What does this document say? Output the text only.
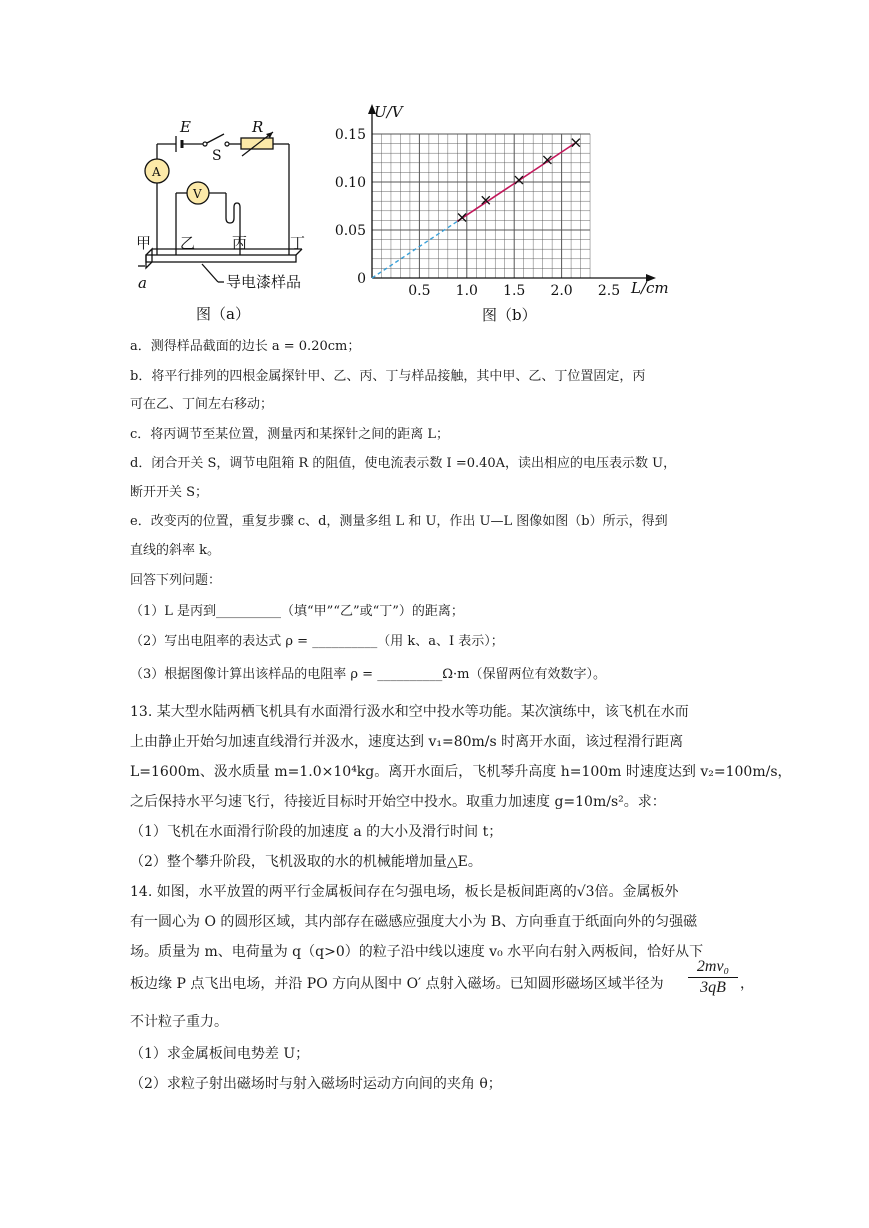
E
S
R
A
V
甲 乙 丙	丁
导电漆样品
a
图（a）
0.5 1.0 1.5 2.0 2.5
0
0.05
0.10
0.15
U/V
L/cm
图（b）
a．测得样品截面的边长 a = 0.20cm；
b．将平行排列的四根金属探针甲、乙、丙、丁与样品接触，其中甲、乙、丁位置固定，丙
可在乙、丁间左右移动；
c．将丙调节至某位置，测量丙和某探针之间的距离 L；
d．闭合开关 S，调节电阻箱 R 的阻值，使电流表示数 I =0.40A，读出相应的电压表示数 U，
断开开关 S；
e．改变丙的位置，重复步骤 c、d，测量多组 L 和 U，作出 U—L 图像如图（b）所示，得到
直线的斜率 k。
回答下列问题：
（1）L 是丙到__________（填“甲”“乙”或“丁”）的距离；
（2）写出电阻率的表达式 ρ = __________（用 k、a、I 表示）；
（3）根据图像计算出该样品的电阻率 ρ = __________Ω·m（保留两位有效数字）。
13. 某大型水陆两栖飞机具有水面滑行汲水和空中投水等功能。某次演练中，该飞机在水而
上由静止开始匀加速直线滑行并汲水，速度达到 v₁=80m/s 时离开水面，该过程滑行距离
L=1600m、汲水质量 m=1.0×10⁴kg。离开水面后，飞机琴升高度 h=100m 时速度达到 v₂=100m/s，
之后保持水平匀速飞行，待接近目标时开始空中投水。取重力加速度 g=10m/s²。求：
（1）飞机在水面滑行阶段的加速度 a 的大小及滑行时间 t；
（2）整个攀升阶段，飞机汲取的水的机械能增加量△E。
14. 如图，水平放置的两平行金属板间存在匀强电场，板长是板间距离的√3倍。金属板外
有一圆心为 O 的圆形区域，其内部存在磁感应强度大小为 B、方向垂直于纸面向外的匀强磁
场。质量为 m、电荷量为 q（q>0）的粒子沿中线以速度 v₀ 水平向右射入两板间，恰好从下
板边缘 P 点飞出电场，并沿 PO 方向从图中 O′ 点射入磁场。已知圆形磁场区域半径为 $\frac{\text{2mv₀}}{3qB}$ ，
不计粒子重力。
（1）求金属板间电势差 U；
（2）求粒子射出磁场时与射入磁场时运动方向间的夹角 θ；
